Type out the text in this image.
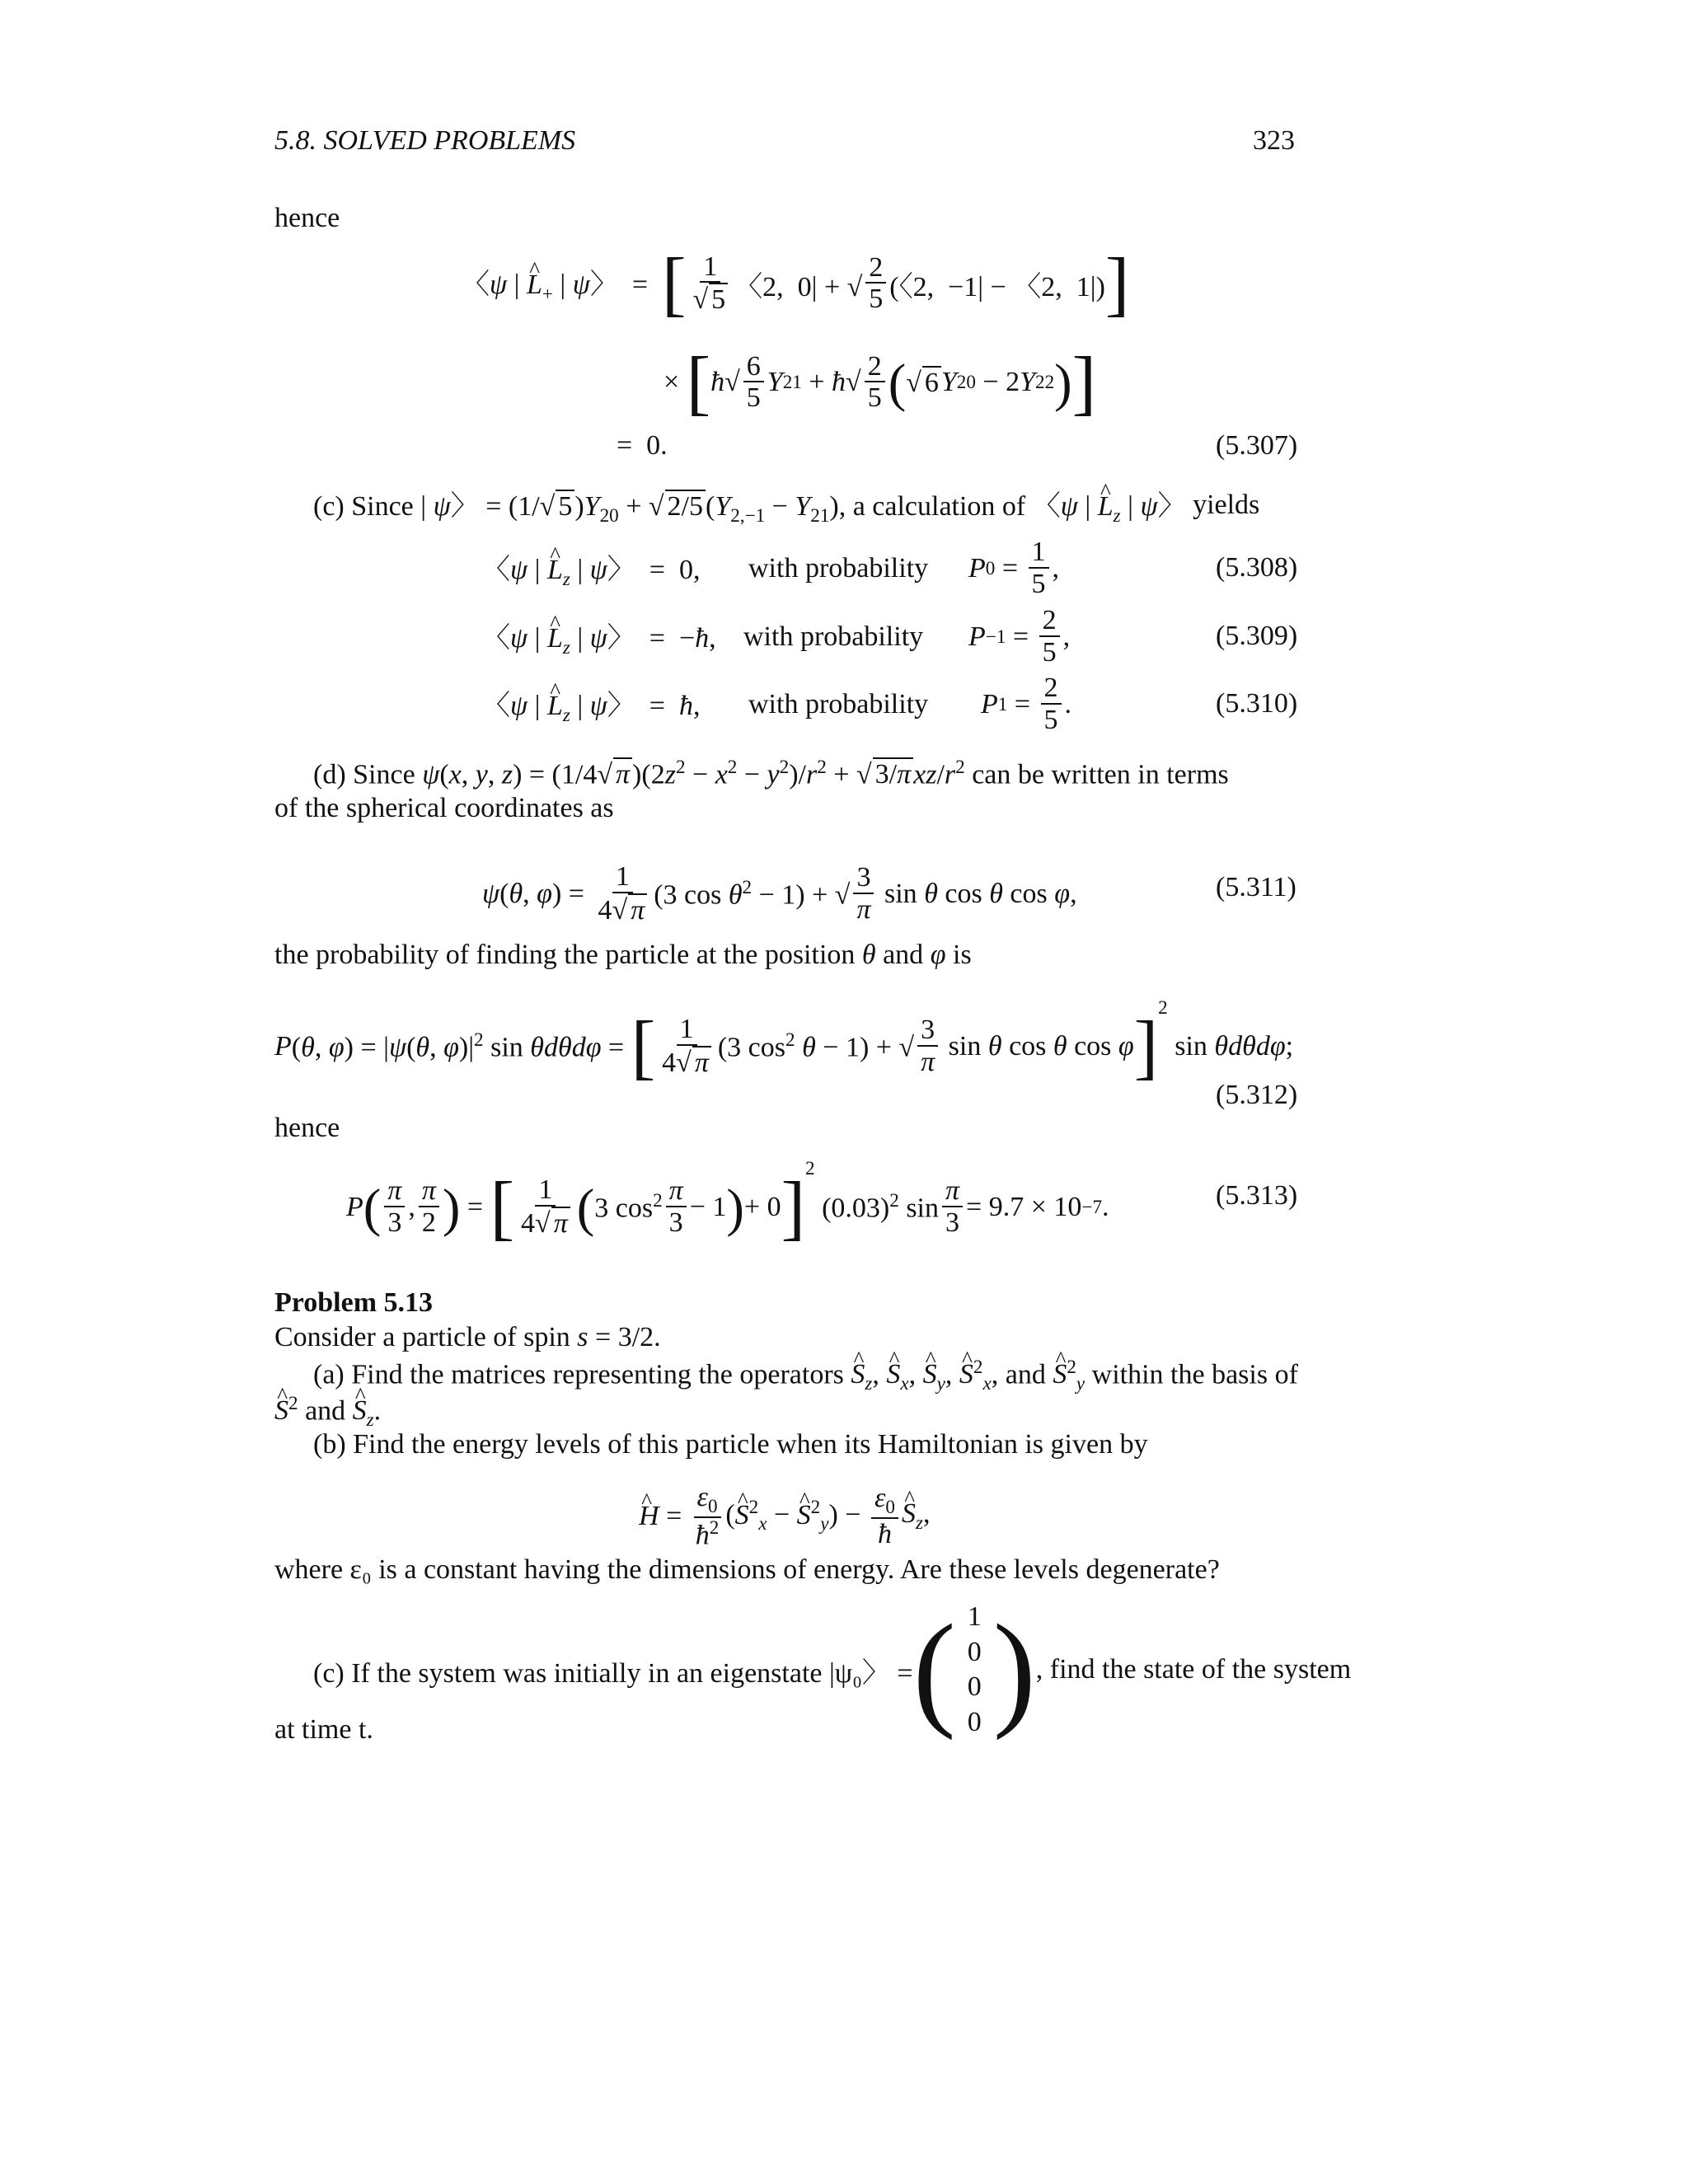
5.8. SOLVED PROBLEMS	323
hence
〈ψ | ^ $L_+$ | ψ〉  = [ $\frac{1}{√ 5}$ 〈2,  0| + √ $\frac{2}{5}$ (〈2,  −1| − 〈2,  1|) ]
× [ ħ √ $\frac{6}{5}$ Y 21 + ħ √ $\frac{2}{5}$ ( √ 6 Y 20 − 2 Y 22 ) ]
=  0.	(5.307)
(c) Since | ψ〉 = (1/√ $5)Y_{20}$ + √ $2/5(Y_{2,-1} - Y_{21})$, a calculation of 〈ψ | ^ $L_z$ | ψ〉 yields
〈ψ | ^ $L_z$ | ψ〉  =  0, with probability P $0 = \frac{1}{5}$ ,	(5.308)
〈ψ | ^ $L_z$ | ψ〉  =  −ħ, with probability $P -1 = \frac{2}{5}$ ,	(5.309)
〈ψ | ^ $L_z$ | ψ〉  =  ħ, with probability P $1 = \frac{2}{5}$ .	(5.310)
(d) Since ψ(x, y, z) = (1/4√ $\pi)(2z^2 - x^2 - y^2)/r^2$ + √ $3/\pi xz/r^2$ can be written in terms
of the spherical coordinates as
ψ (θ, $\varphi) = \frac{1}{4√ \pi} (3$ $\cos \theta^2 - 1$) + √ $\frac{3}{\pi}$ sin θ cos θ cos φ,	(5.311)
the probability of finding the particle at the position θ and φ is
P (θ, φ) = |ψ(θ, $\varphi)|^2$ sin θdθdφ = [ $\frac{1}{4√ \pi} (3$ $\cos^2 \theta - 1$) + √ $\frac{3}{\pi}$ sin θ cos θ cos φ ]$^2$
sin θdθdφ;
(5.312)
hence
P ( $\frac{\pi}{3}$ , $\frac{\pi}{2}$ ) = [ $\frac{1}{4√ \pi}$ ( 3 $\cos^2 \frac{\pi}{3} - 1$ ) + 0 ]$^2$
$(0.03)^2$ $\sin \frac{\pi}{3} = 9.7 \times 10 -7$ .	(5.313)
Problem 5.13
Consider a particle of spin s = 3/2.
(a) Find the matrices representing the operators ^ $S_z$, ^ $S_x$, ^ $S_y$, ^ $S^2_x$, and ^ $S^2_y$ within the basis of
^ $S^2$ and ^ $S_z$.
(b) Find the energy levels of this particle when its Hamiltonian is given by
^ $H = \frac{\varepsilon_0}{ħ^2}$ (^ $S^2_x$ − ^ $S^2_y) - \frac{\varepsilon_0}{ħ}$ ^ $S_z$,
where ε₀ is a constant having the dimensions of energy. Are these levels degenerate?
(c) If the system was initially in an eigenstate |ψ₀〉 = ( 1
0
0
0 ) , find the state of the system
at time t.
